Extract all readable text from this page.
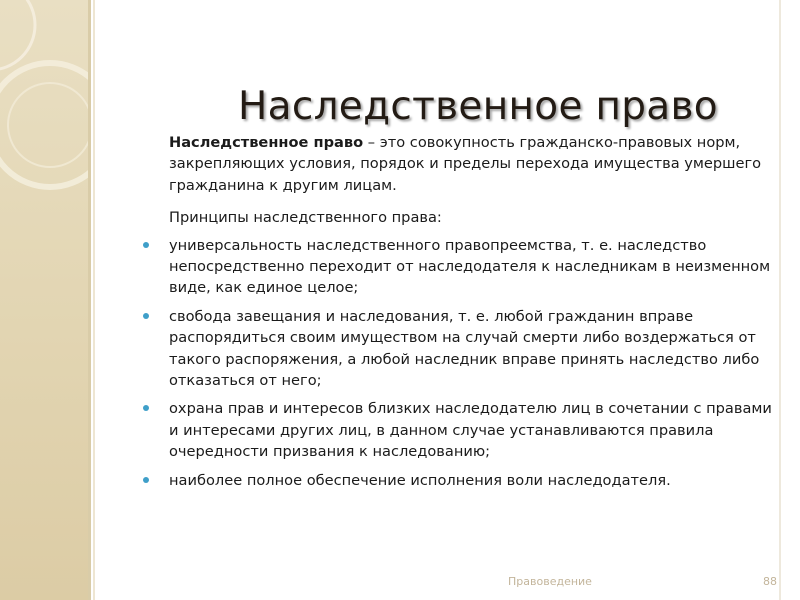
Наследственное право

Наследственное право – это совокупность гражданско-правовых норм, закрепляющих условия, порядок и пределы перехода имущества умершего гражданина к другим лицам.

Принципы наследственного права:

универсальность наследственного правопреемства, т. е. наследство непосредственно переходит от наследодателя к наследникам в неизменном виде, как единое целое;
свобода завещания и наследования, т. е. любой гражданин вправе распорядиться своим имуществом на случай смерти либо воздержаться от такого распоряжения, а любой наследник вправе принять наследство либо отказаться от него;
охрана прав и интересов близких наследодателю лиц в сочетании с правами и интересами других лиц, в данном случае устанавливаются правила очередности призвания к наследованию;
наиболее полное обеспечение исполнения воли наследодателя.
Правоведение	88
